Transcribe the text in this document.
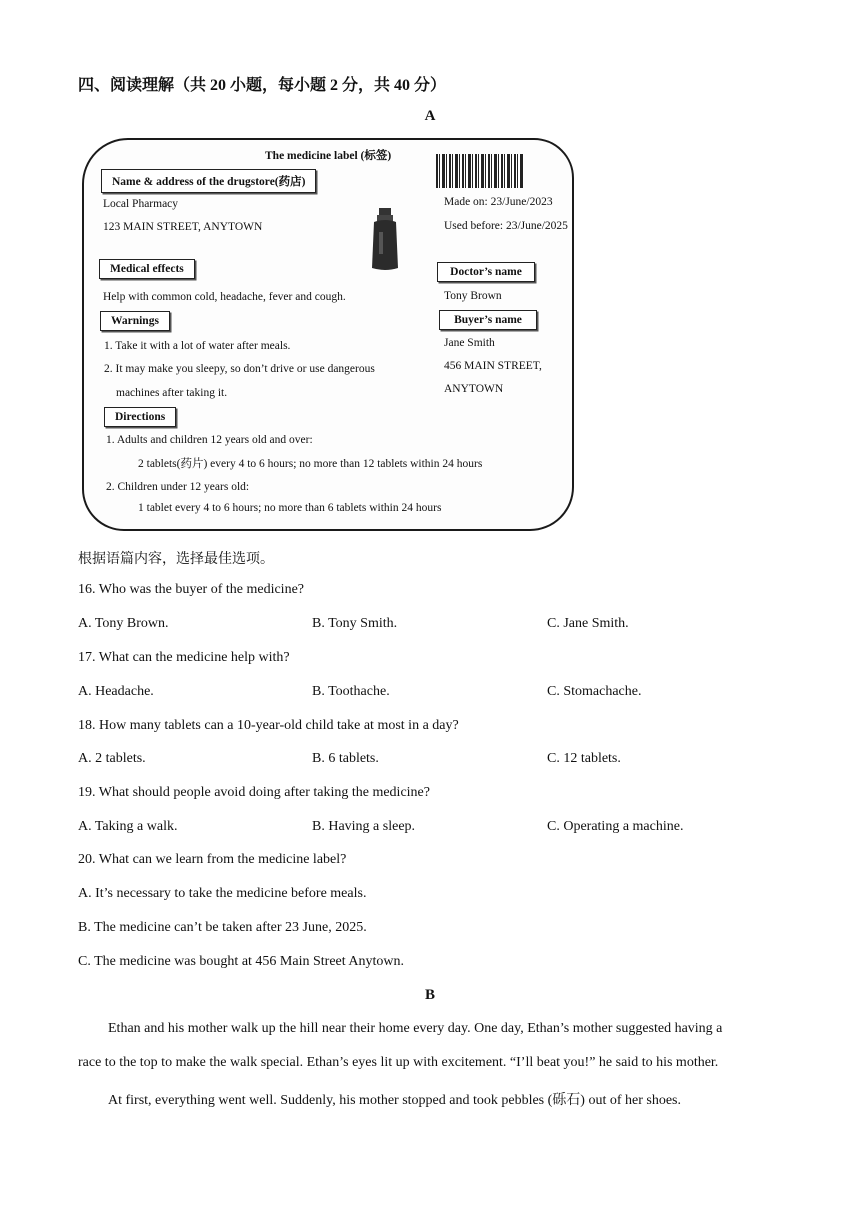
四、阅读理解（共 20 小题，每小题 2 分，共 40 分）
A
The medicine label (标签)
Name & address of the drugstore(药店)
Local Pharmacy
123 MAIN STREET, ANYTOWN
Made on: 23/June/2023
Used before: 23/June/2025
Medical effects
Help with common cold, headache, fever and cough.
Doctor’s name
Tony Brown
Warnings
1. Take it with a lot of water after meals.
2. It may make you sleepy, so don’t drive or use dangerous
machines after taking it.
Buyer’s name
Jane Smith
456 MAIN STREET,
ANYTOWN
Directions
1. Adults and children 12 years old and over:
2 tablets(药片) every 4 to 6 hours; no more than 12 tablets within 24 hours
2. Children under 12 years old:
1 tablet every 4 to 6 hours; no more than 6 tablets within 24 hours
根据语篇内容，选择最佳选项。
16. Who was the buyer of the medicine?
A. Tony Brown.	B. Tony Smith.	C. Jane Smith.
17. What can the medicine help with?
A. Headache.	B. Toothache.	C. Stomachache.
18. How many tablets can a 10-year-old child take at most in a day?
A. 2 tablets.	B. 6 tablets.	C. 12 tablets.
19. What should people avoid doing after taking the medicine?
A. Taking a walk.	B. Having a sleep.	C. Operating a machine.
20. What can we learn from the medicine label?
A. It’s necessary to take the medicine before meals.
B. The medicine can’t be taken after 23 June, 2025.
C. The medicine was bought at 456 Main Street Anytown.
B
Ethan and his mother walk up the hill near their home every day. One day, Ethan’s mother suggested having a
race to the top to make the walk special. Ethan’s eyes lit up with excitement. “I’ll beat you!” he said to his mother.
At first, everything went well. Suddenly, his mother stopped and took pebbles (砾石) out of her shoes.
